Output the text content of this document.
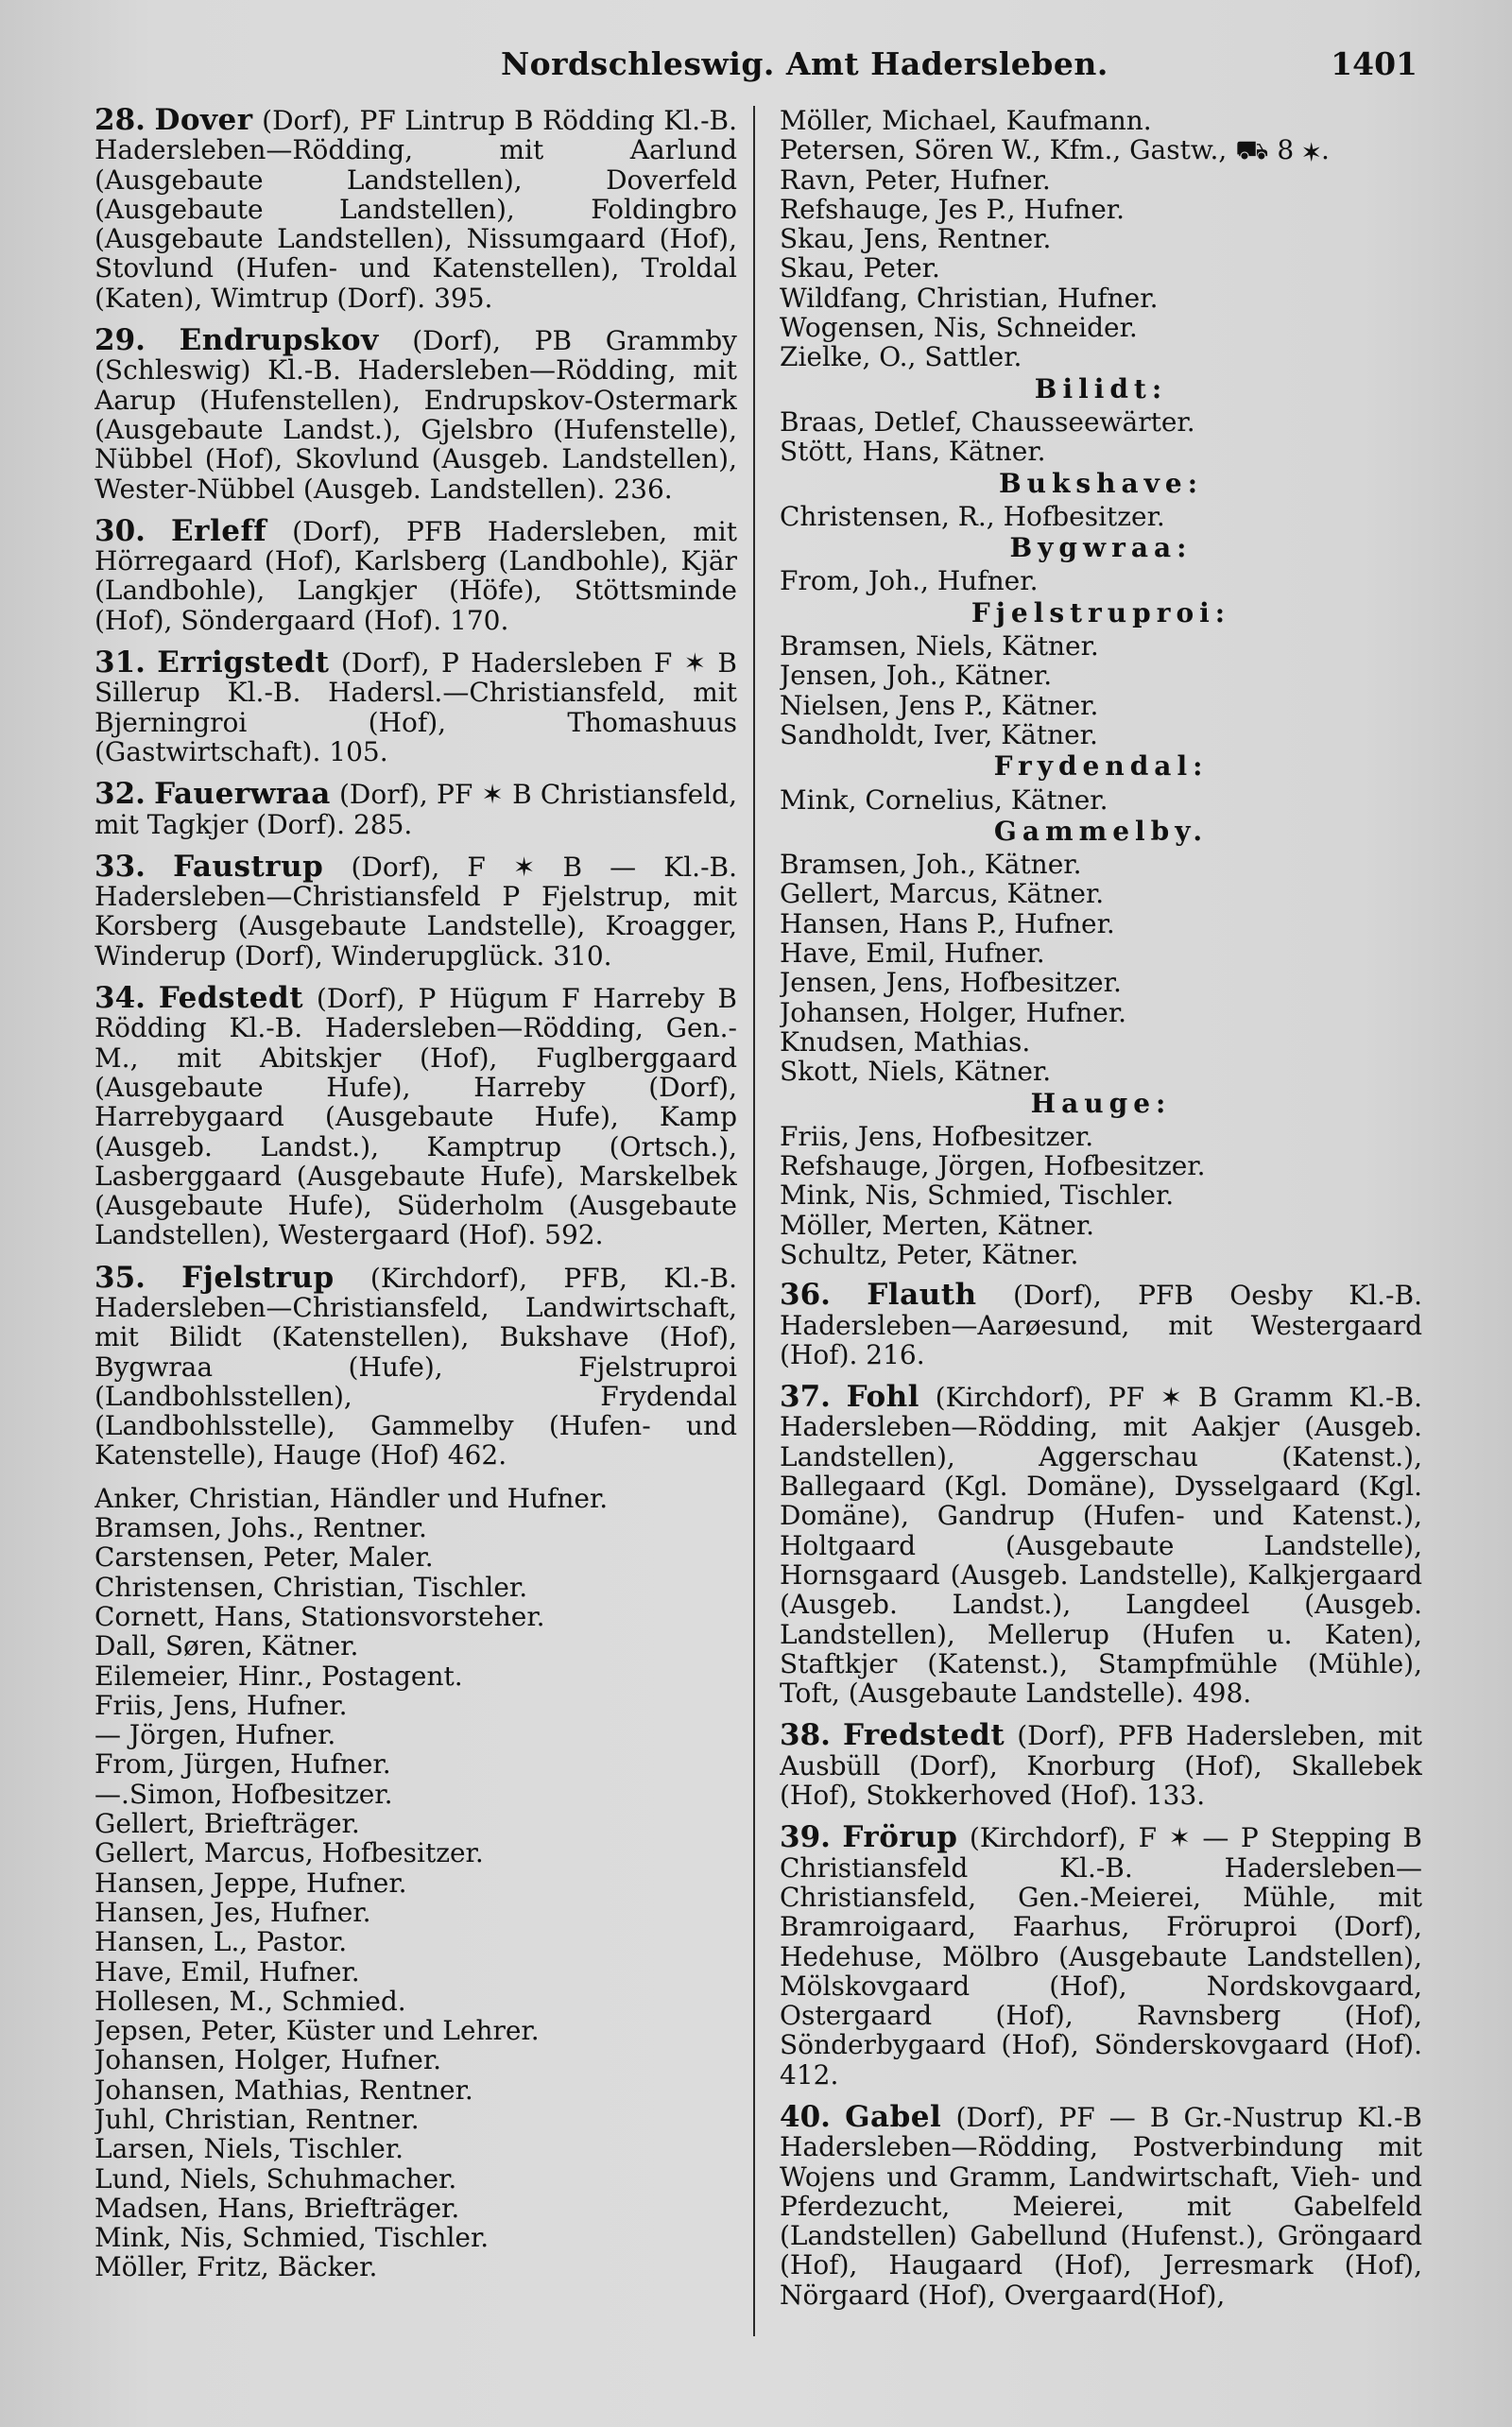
Nordschleswig. Amt Hadersleben.	1401

28. Dover (Dorf), PF Lintrup B Rödding Kl.-B. Hadersleben—Rödding, mit Aarlund (Ausgebaute Landstellen), Doverfeld (Ausgebaute Landstellen), Foldingbro (Ausgebaute Landstellen), Nissumgaard (Hof), Stovlund (Hufen- und Katenstellen), Troldal (Katen), Wimtrup (Dorf). 395.

29. Endrupskov (Dorf), PB Grammby (Schleswig) Kl.-B. Hadersleben—Rödding, mit Aarup (Hufenstellen), Endrupskov-Ostermark (Ausgebaute Landst.), Gjelsbro (Hufenstelle), Nübbel (Hof), Skovlund (Ausgeb. Landstellen), Wester-Nübbel (Ausgeb. Landstellen). 236.

30. Erleff (Dorf), PFB Hadersleben, mit Hörregaard (Hof), Karlsberg (Landbohle), Kjär (Landbohle), Langkjer (Höfe), Stöttsminde (Hof), Söndergaard (Hof). 170.

31. Errigstedt (Dorf), P Hadersleben F ✶ B Sillerup Kl.-B. Hadersl.—Christiansfeld, mit Bjerningroi (Hof), Thomashuus (Gastwirtschaft). 105.

32. Fauerwraa (Dorf), PF ✶ B Christiansfeld, mit Tagkjer (Dorf). 285.

33. Faustrup (Dorf), F ✶ B — Kl.-B. Hadersleben—Christiansfeld P Fjelstrup, mit Korsberg (Ausgebaute Landstelle), Kroagger, Winderup (Dorf), Winderupglück. 310.

34. Fedstedt (Dorf), P Hügum F Harreby B Rödding Kl.-B. Hadersleben—Rödding, Gen.-M., mit Abitskjer (Hof), Fuglberggaard (Ausgebaute Hufe), Harreby (Dorf), Harrebygaard (Ausgebaute Hufe), Kamp (Ausgeb. Landst.), Kamptrup (Ortsch.), Lasberggaard (Ausgebaute Hufe), Marskelbek (Ausgebaute Hufe), Süderholm (Ausgebaute Landstellen), Westergaard (Hof). 592.

35. Fjelstrup (Kirchdorf), PFB, Kl.-B. Hadersleben—Christiansfeld, Landwirtschaft, mit Bilidt (Katenstellen), Bukshave (Hof), Bygwraa (Hufe), Fjelstruproi (Landbohlsstellen), Frydendal (Landbohlsstelle), Gammelby (Hufen- und Katenstelle), Hauge (Hof) 462.

Anker, Christian, Händler und Hufner.

Bramsen, Johs., Rentner.

Carstensen, Peter, Maler.

Christensen, Christian, Tischler.

Cornett, Hans, Stationsvorsteher.

Dall, Søren, Kätner.

Eilemeier, Hinr., Postagent.

Friis, Jens, Hufner.

— Jörgen, Hufner.

From, Jürgen, Hufner.

—.Simon, Hofbesitzer.

Gellert, Briefträger.

Gellert, Marcus, Hofbesitzer.

Hansen, Jeppe, Hufner.

Hansen, Jes, Hufner.

Hansen, L., Pastor.

Have, Emil, Hufner.

Hollesen, M., Schmied.

Jepsen, Peter, Küster und Lehrer.

Johansen, Holger, Hufner.

Johansen, Mathias, Rentner.

Juhl, Christian, Rentner.

Larsen, Niels, Tischler.

Lund, Niels, Schuhmacher.

Madsen, Hans, Briefträger.

Mink, Nis, Schmied, Tischler.

Möller, Fritz, Bäcker.

Möller, Michael, Kaufmann.

Petersen, Sören W., Kfm., Gastw., ⛟ 8 ✶.

Ravn, Peter, Hufner.

Refshauge, Jes P., Hufner.

Skau, Jens, Rentner.

Skau, Peter.

Wildfang, Christian, Hufner.

Wogensen, Nis, Schneider.

Zielke, O., Sattler.

Bilidt:

Braas, Detlef, Chausseewärter.

Stött, Hans, Kätner.

Bukshave:

Christensen, R., Hofbesitzer.

Bygwraa:

From, Joh., Hufner.

Fjelstruproi:

Bramsen, Niels, Kätner.

Jensen, Joh., Kätner.

Nielsen, Jens P., Kätner.

Sandholdt, Iver, Kätner.

Frydendal:

Mink, Cornelius, Kätner.

Gammelby.

Bramsen, Joh., Kätner.

Gellert, Marcus, Kätner.

Hansen, Hans P., Hufner.

Have, Emil, Hufner.

Jensen, Jens, Hofbesitzer.

Johansen, Holger, Hufner.

Knudsen, Mathias.

Skott, Niels, Kätner.

Hauge:

Friis, Jens, Hofbesitzer.

Refshauge, Jörgen, Hofbesitzer.

Mink, Nis, Schmied, Tischler.

Möller, Merten, Kätner.

Schultz, Peter, Kätner.

36. Flauth (Dorf), PFB Oesby Kl.-B. Hadersleben—Aarøesund, mit Westergaard (Hof). 216.

37. Fohl (Kirchdorf), PF ✶ B Gramm Kl.-B. Hadersleben—Rödding, mit Aakjer (Ausgeb. Landstellen), Aggerschau (Katenst.), Ballegaard (Kgl. Domäne), Dysselgaard (Kgl. Domäne), Gandrup (Hufen- und Katenst.), Holtgaard (Ausgebaute Landstelle), Hornsgaard (Ausgeb. Landstelle), Kalkjergaard (Ausgeb. Landst.), Langdeel (Ausgeb. Landstellen), Mellerup (Hufen u. Katen), Staftkjer (Katenst.), Stampfmühle (Mühle), Toft, (Ausgebaute Landstelle). 498.

38. Fredstedt (Dorf), PFB Hadersleben, mit Ausbüll (Dorf), Knorburg (Hof), Skallebek (Hof), Stokkerhoved (Hof). 133.

39. Frörup (Kirchdorf), F ✶ — P Stepping B Christiansfeld Kl.-B. Hadersleben—Christiansfeld, Gen.-Meierei, Mühle, mit Bramroigaard, Faarhus, Fröruproi (Dorf), Hedehuse, Mölbro (Ausgebaute Landstellen), Mölskovgaard (Hof), Nordskovgaard, Ostergaard (Hof), Ravnsberg (Hof), Sönderbygaard (Hof), Sönderskovgaard (Hof). 412.

40. Gabel (Dorf), PF — B Gr.-Nustrup Kl.-B Hadersleben—Rödding, Postverbindung mit Wojens und Gramm, Landwirtschaft, Vieh- und Pferdezucht, Meierei, mit Gabelfeld (Landstellen) Gabellund (Hufenst.), Gröngaard (Hof), Haugaard (Hof), Jerresmark (Hof), Nörgaard (Hof), Overgaard(Hof),
